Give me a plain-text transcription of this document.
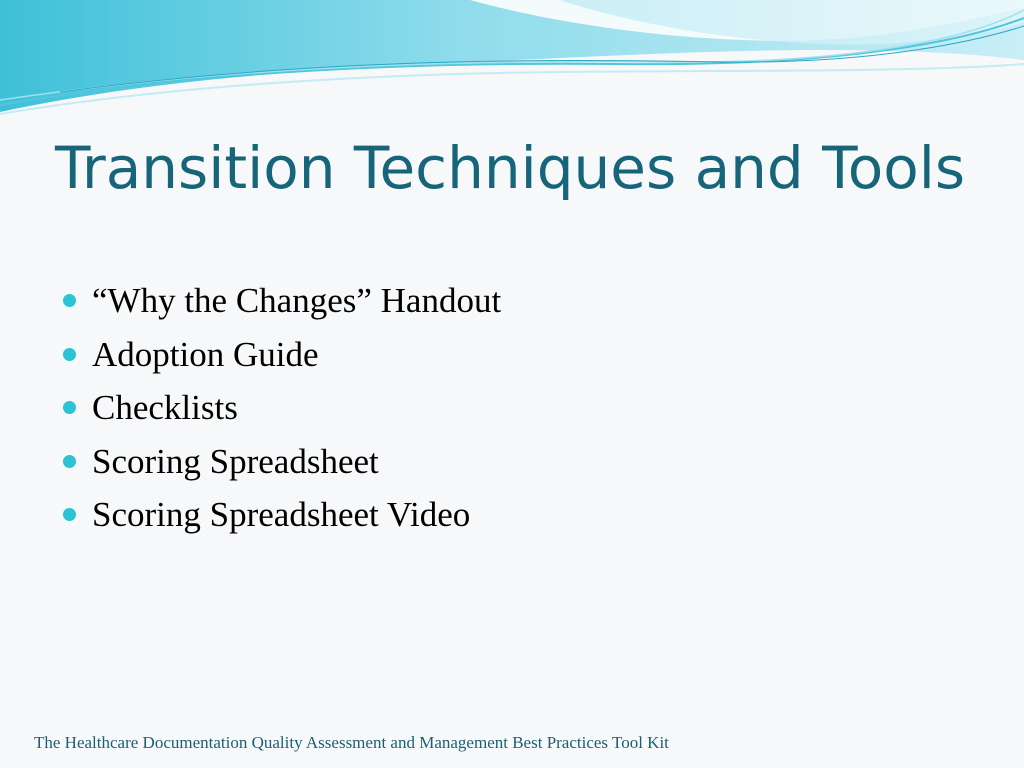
Transition Techniques and Tools
“Why the Changes” Handout
Adoption Guide
Checklists
Scoring Spreadsheet
Scoring Spreadsheet Video
The Healthcare Documentation Quality Assessment and Management Best Practices Tool Kit
